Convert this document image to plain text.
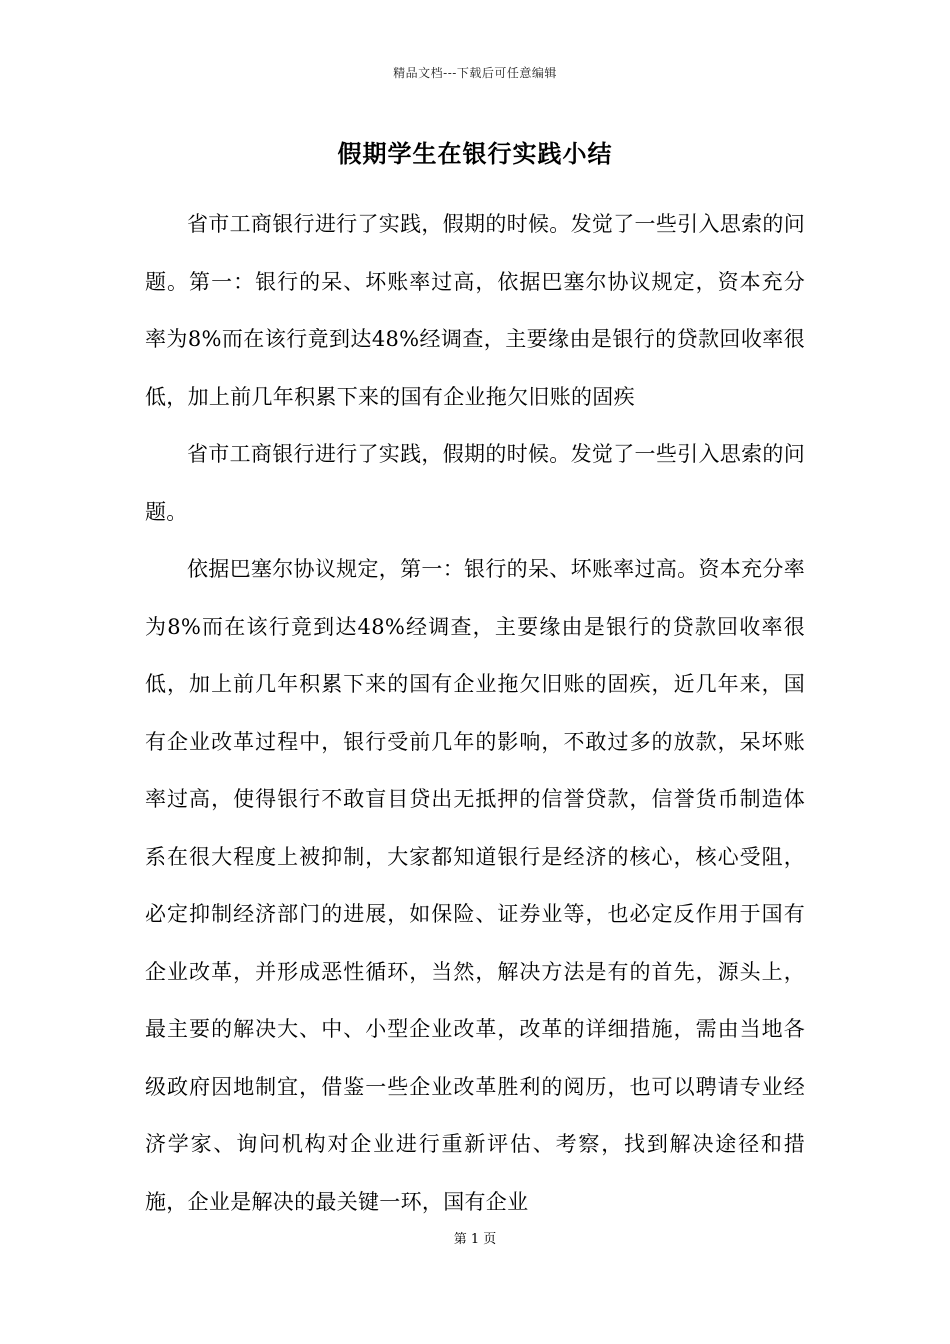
精品文档---下载后可任意编辑
假期学生在银行实践小结

省市工商银行进行了实践，假期的时候。发觉了一些引入思索的问题。第一：银行的呆、坏账率过高，依据巴塞尔协议规定，资本充分率为8%而在该行竟到达48%经调查，主要缘由是银行的贷款回收率很低，加上前几年积累下来的国有企业拖欠旧账的固疾

省市工商银行进行了实践，假期的时候。发觉了一些引入思索的问题。

依据巴塞尔协议规定，第一：银行的呆、坏账率过高。资本充分率为8%而在该行竟到达48%经调查，主要缘由是银行的贷款回收率很低，加上前几年积累下来的国有企业拖欠旧账的固疾，近几年来，国有企业改革过程中，银行受前几年的影响，不敢过多的放款，呆坏账率过高，使得银行不敢盲目贷出无抵押的信誉贷款，信誉货币制造体系在很大程度上被抑制，大家都知道银行是经济的核心，核心受阻，必定抑制经济部门的进展，如保险、证券业等，也必定反作用于国有企业改革，并形成恶性循环，当然，解决方法是有的首先，源头上，最主要的解决大、中、小型企业改革，改革的详细措施，需由当地各级政府因地制宜，借鉴一些企业改革胜利的阅历，也可以聘请专业经济学家、询问机构对企业进行重新评估、考察，找到解决途径和措施，企业是解决的最关键一环，国有企业

第 1 页
